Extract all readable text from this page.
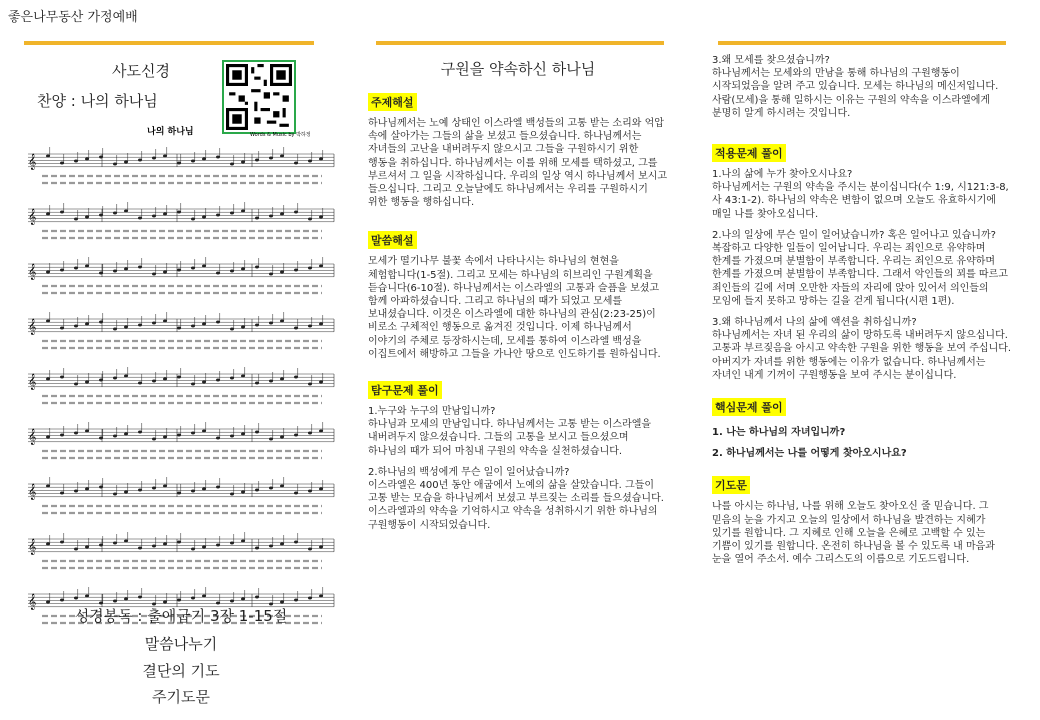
좋은나무동산 가정예배
사도신경
찬양 : 나의 하나님
나의 하나님	Words & Music by 박하정
𝄞
𝄞
𝄞
𝄞
𝄞
𝄞
𝄞
𝄞
𝄞
성경봉독 : 출애굽기 3장 1-15절
말씀나누기
결단의 기도
주기도문
구원을 약속하신 하나님
주제해설

하나님께서는 노예 상태인 이스라엘 백성들의 고통 받는 소리와 억압 속에 살아가는 그들의 삶을 보셨고 들으셨습니다. 하나님께서는 자녀들의 고난을 내버려두지 않으시고 그들을 구원하시기 위한 행동을 취하십니다. 하나님께서는 이를 위해 모세를 택하셨고, 그를 부르셔서 그 일을 시작하십니다. 우리의 일상 역시 하나님께서 보시고 들으십니다. 그리고 오늘날에도 하나님께서는 우리를 구원하시기 위한 행동을 행하십니다.

말씀해설

모세가 떨기나무 불꽃 속에서 나타나시는 하나님의 현현을 체험합니다(1-5절). 그리고 모세는 하나님의 히브리인 구원계획을 듣습니다(6-10절). 하나님께서는 이스라엘의 고통과 슬픔을 보셨고 함께 아파하셨습니다. 그리고 하나님의 때가 되었고 모세를 보내셨습니다. 이것은 이스라엘에 대한 하나님의 관심(2:23-25)이 비로소 구체적인 행동으로 옮겨진 것입니다. 이제 하나님께서 이야기의 주체로 등장하시는데, 모세를 통하여 이스라엘 백성을 이집트에서 해방하고 그들을 가나안 땅으로 인도하기를 원하십니다.

탐구문제 풀이

1.누구와 누구의 만남입니까?

하나님과 모세의 만남입니다. 하나님께서는 고통 받는 이스라엘을 내버려두지 않으셨습니다. 그들의 고통을 보시고 들으셨으며 하나님의 때가 되어 마침내 구원의 약속을 실천하셨습니다.

2.하나님의 백성에게 무슨 일이 일어났습니까?

이스라엘은 400년 동안 애굽에서 노예의 삶을 살았습니다. 그들이 고통 받는 모습을 하나님께서 보셨고 부르짖는 소리를 들으셨습니다. 이스라엘과의 약속을 기억하시고 약속을 성취하시기 위한 하나님의 구원행동이 시작되었습니다.

3.왜 모세를 찾으셨습니까?

하나님께서는 모세와의 만남을 통해 하나님의 구원행동이 시작되었음을 알려 주고 있습니다. 모세는 하나님의 메신저입니다. 사람(모세)을 통해 일하시는 이유는 구원의 약속을 이스라엘에게 분명히 알게 하시려는 것입니다.

적용문제 풀이

1.나의 삶에 누가 찾아오시나요?

하나님께서는 구원의 약속을 주시는 분이십니다(수 1:9, 시121:3-8, 사 43:1-2). 하나님의 약속은 변함이 없으며 오늘도 유효하시기에 매일 나를 찾아오십니다.

2.나의 일상에 무슨 일이 일어났습니까? 혹은 일어나고 있습니까?

복잡하고 다양한 일들이 일어납니다. 우리는 죄인으로 유약하며 한계를 가졌으며 분별함이 부족합니다. 우리는 죄인으로 유약하며 한계를 가졌으며 분별함이 부족합니다. 그래서 악인들의 꾀를 따르고 죄인들의 길에 서며 오만한 자들의 자리에 앉아 있어서 의인들의 모임에 들지 못하고 망하는 길을 걷게 됩니다(시편 1편).

3.왜 하나님께서 나의 삶에 액션을 취하십니까?

하나님께서는 자녀 된 우리의 삶이 망하도록 내버려두지 않으십니다. 고통과 부르짖음을 아시고 약속한 구원을 위한 행동을 보여 주십니다. 아버지가 자녀를 위한 행동에는 이유가 없습니다. 하나님께서는 자녀인 내게 기꺼이 구원행동을 보여 주시는 분이십니다.

핵심문제 풀이

1. 나는 하나님의 자녀입니까?

2. 하나님께서는 나를 어떻게 찾아오시나요?

기도문

나를 아시는 하나님, 나를 위해 오늘도 찾아오신 줄 믿습니다. 그 믿음의 눈을 가지고 오늘의 일상에서 하나님을 발견하는 지혜가 있기를 원합니다. 그 지혜로 인해 오늘을 은혜로 고백할 수 있는 기쁨이 있기를 원합니다. 온전히 하나님을 볼 수 있도록 내 마음과 눈을 열어 주소서. 예수 그리스도의 이름으로 기도드립니다.
